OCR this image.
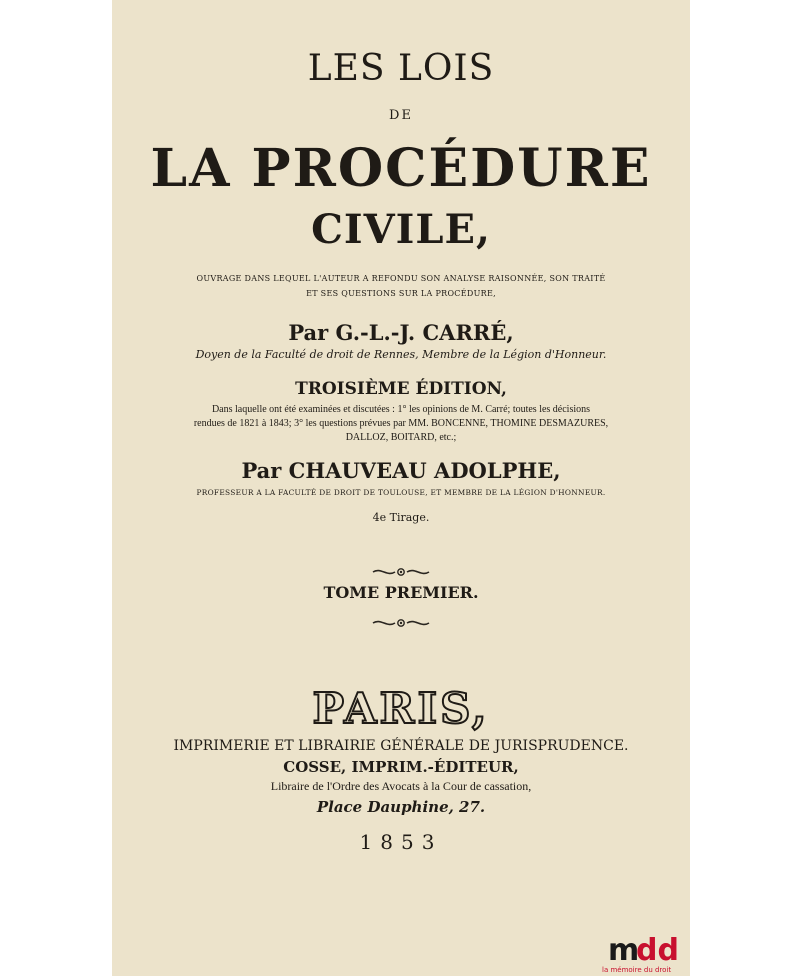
LES LOIS
DE
LA PROCÉDURE
CIVILE,
OUVRAGE DANS LEQUEL L'AUTEUR A REFONDU SON ANALYSE RAISONNÉE, SON TRAITÉ
ET SES QUESTIONS SUR LA PROCÉDURE,
Par G.-L.-J. CARRÉ,
Doyen de la Faculté de droit de Rennes, Membre de la Légion d'Honneur.
TROISIÈME ÉDITION,
Dans laquelle ont été examinées et discutées : 1° les opinions de M. Carré; toutes les décisions
rendues de 1821 à 1843; 3° les questions prévues par MM. BONCENNE, THOMINE DESMAZURES,
DALLOZ, BOITARD, etc.;
Par CHAUVEAU ADOLPHE,
PROFESSEUR A LA FACULTÉ DE DROIT DE TOULOUSE, ET MEMBRE DE LA LÉGION D'HONNEUR.
4e Tirage.
TOME PREMIER.
PARIS,
IMPRIMERIE ET LIBRAIRIE GÉNÉRALE DE JURISPRUDENCE.
COSSE, IMPRIM.-ÉDITEUR,
Libraire de l'Ordre des Avocats à la Cour de cassation,
Place Dauphine, 27.
1853
m
dd
la mémoire du droit
